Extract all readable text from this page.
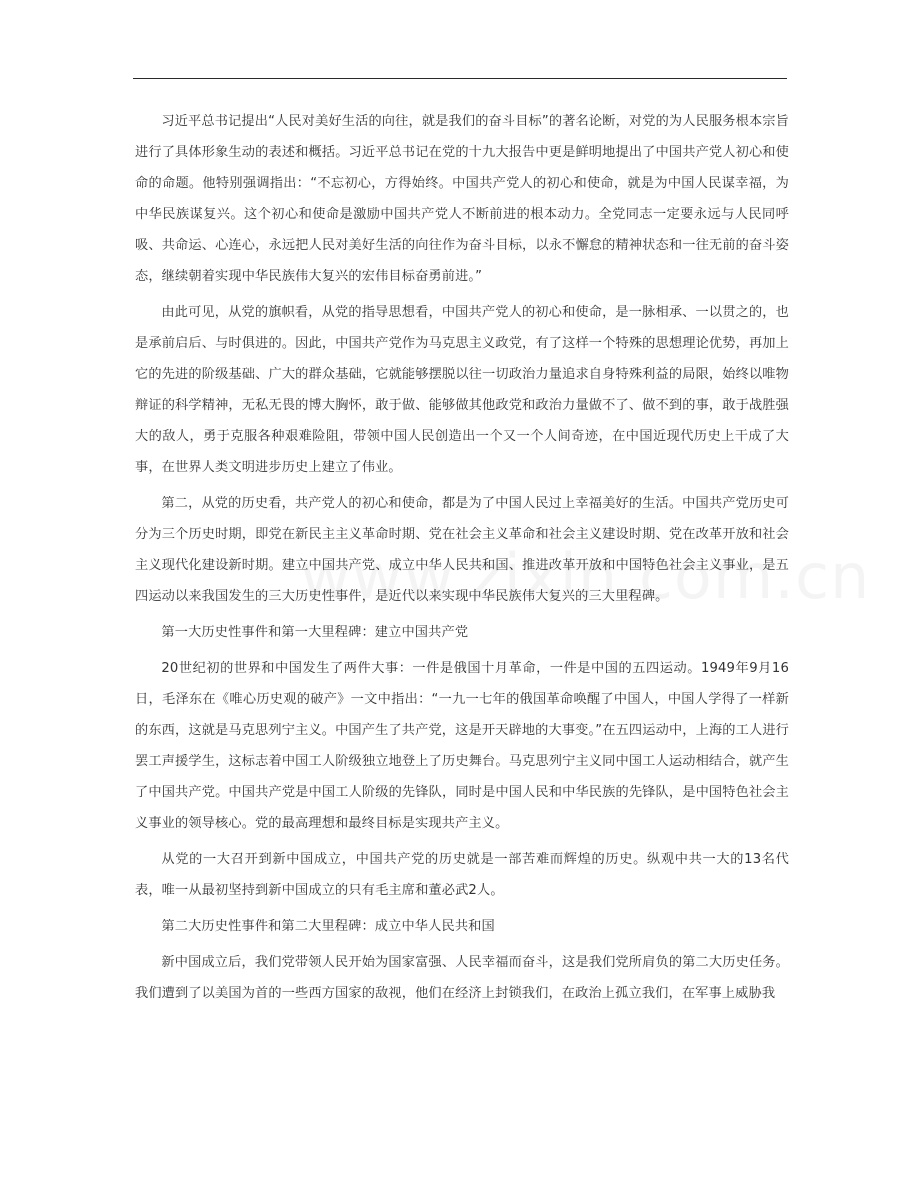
习近平总书记提出“人民对美好生活的向往，就是我们的奋斗目标”的著名论断，对党的为人民服务根本宗旨进行了具体形象生动的表述和概括。习近平总书记在党的十九大报告中更是鲜明地提出了中国共产党人初心和使命的命题。他特别强调指出：“不忘初心，方得始终。中国共产党人的初心和使命，就是为中国人民谋幸福，为中华民族谋复兴。这个初心和使命是激励中国共产党人不断前进的根本动力。全党同志一定要永远与人民同呼吸、共命运、心连心，永远把人民对美好生活的向往作为奋斗目标，以永不懈怠的精神状态和一往无前的奋斗姿态，继续朝着实现中华民族伟大复兴的宏伟目标奋勇前进。”

由此可见，从党的旗帜看，从党的指导思想看，中国共产党人的初心和使命，是一脉相承、一以贯之的，也是承前启后、与时俱进的。因此，中国共产党作为马克思主义政党，有了这样一个特殊的思想理论优势，再加上它的先进的阶级基础、广大的群众基础，它就能够摆脱以往一切政治力量追求自身特殊利益的局限，始终以唯物辩证的科学精神，无私无畏的博大胸怀，敢于做、能够做其他政党和政治力量做不了、做不到的事，敢于战胜强大的敌人，勇于克服各种艰难险阻，带领中国人民创造出一个又一个人间奇迹，在中国近现代历史上干成了大事，在世界人类文明进步历史上建立了伟业。

第二，从党的历史看，共产党人的初心和使命，都是为了中国人民过上幸福美好的生活。中国共产党历史可分为三个历史时期，即党在新民主主义革命时期、党在社会主义革命和社会主义建设时期、党在改革开放和社会主义现代化建设新时期。建立中国共产党、成立中华人民共和国、推进改革开放和中国特色社会主义事业，是五四运动以来我国发生的三大历史性事件，是近代以来实现中华民族伟大复兴的三大里程碑。

第一大历史性事件和第一大里程碑：建立中国共产党

20世纪初的世界和中国发生了两件大事：一件是俄国十月革命，一件是中国的五四运动。1949年9月16日，毛泽东在《唯心历史观的破产》一文中指出：“一九一七年的俄国革命唤醒了中国人，中国人学得了一样新的东西，这就是马克思列宁主义。中国产生了共产党，这是开天辟地的大事变。”在五四运动中，上海的工人进行罢工声援学生，这标志着中国工人阶级独立地登上了历史舞台。马克思列宁主义同中国工人运动相结合，就产生了中国共产党。中国共产党是中国工人阶级的先锋队，同时是中国人民和中华民族的先锋队，是中国特色社会主义事业的领导核心。党的最高理想和最终目标是实现共产主义。

从党的一大召开到新中国成立，中国共产党的历史就是一部苦难而辉煌的历史。纵观中共一大的13名代表，唯一从最初坚持到新中国成立的只有毛主席和董必武2人。

第二大历史性事件和第二大里程碑：成立中华人民共和国

新中国成立后，我们党带领人民开始为国家富强、人民幸福而奋斗，这是我们党所肩负的第二大历史任务。我们遭到了以美国为首的一些西方国家的敌视，他们在经济上封锁我们，在政治上孤立我们，在军事上威胁我
